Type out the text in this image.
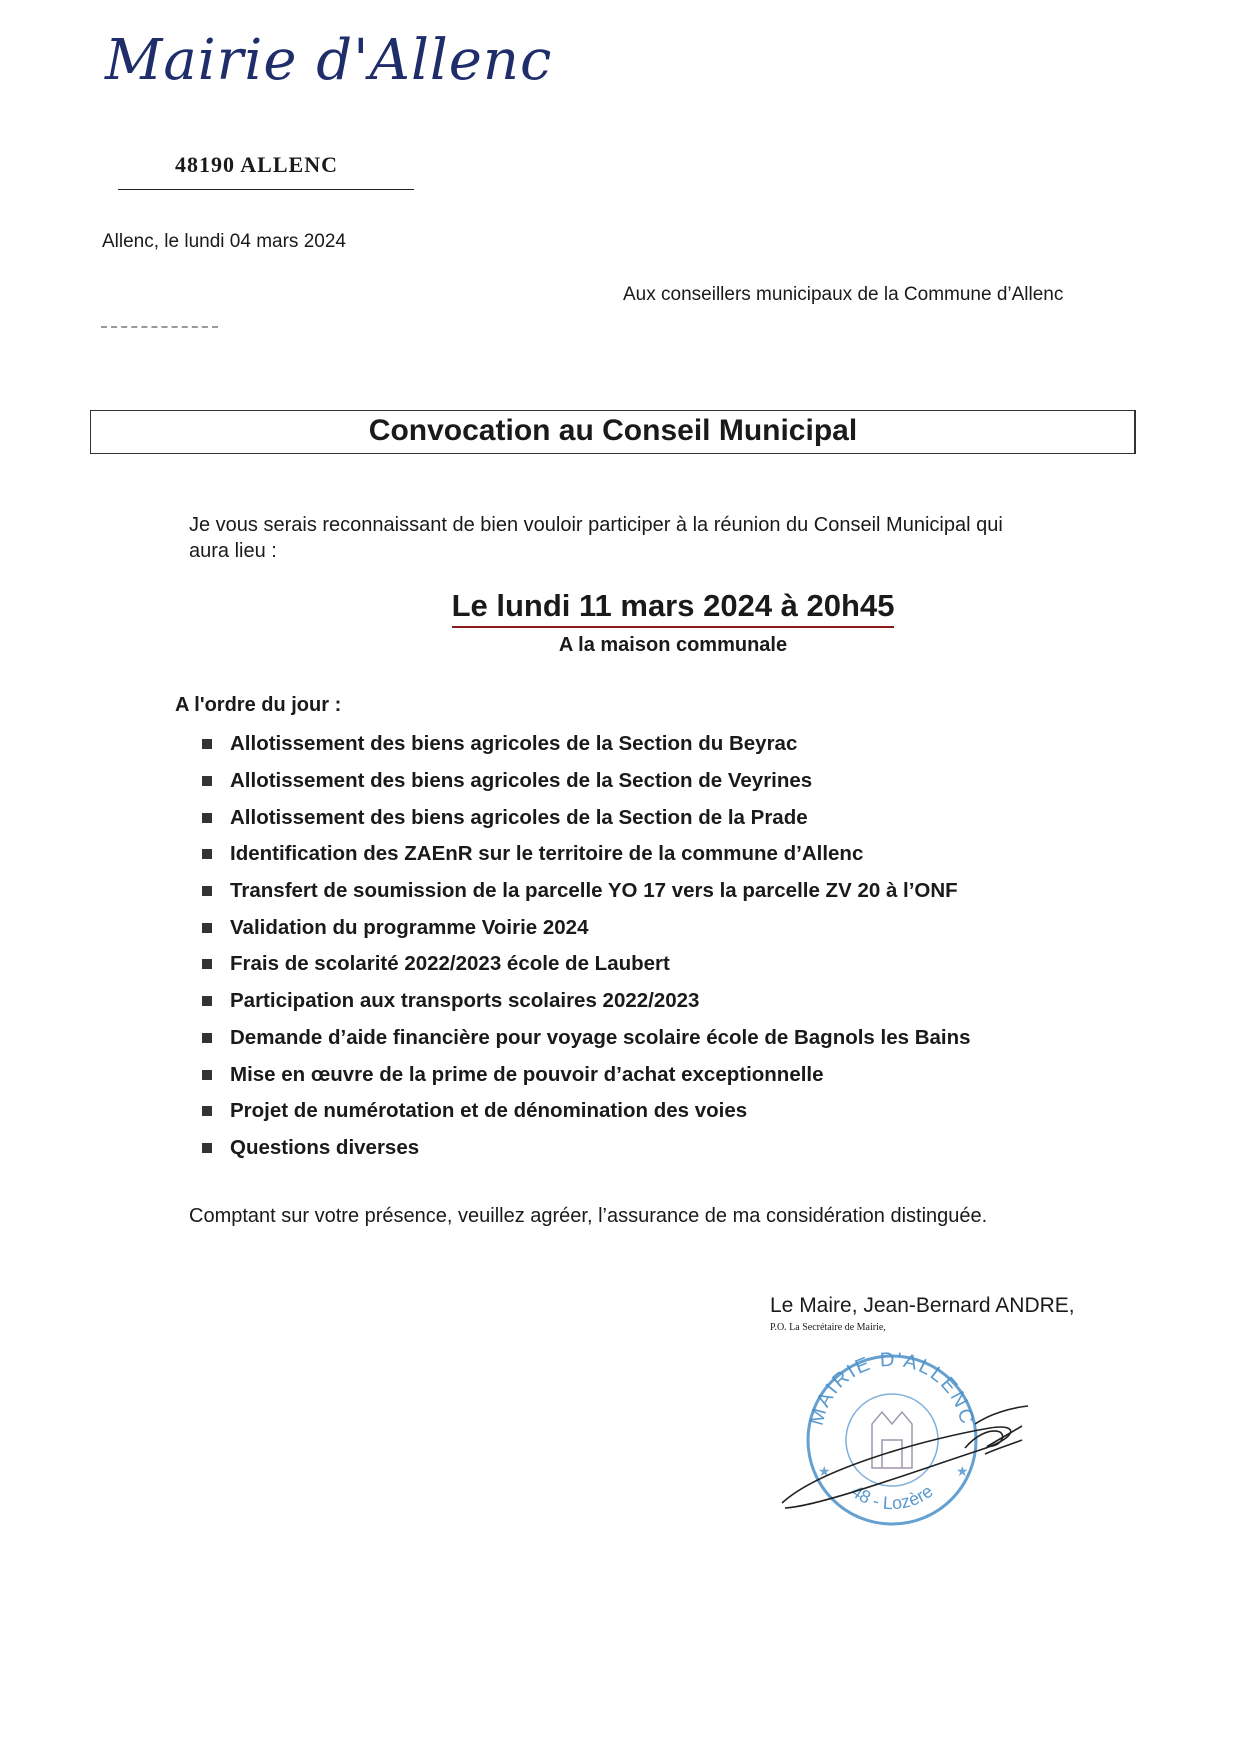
Mairie d'Allenc
48190 ALLENC
Allenc, le lundi 04 mars 2024
Aux conseillers municipaux de la Commune d’Allenc
Convocation au Conseil Municipal
Je vous serais reconnaissant de bien vouloir participer à la réunion du Conseil Municipal qui
aura lieu :
Le lundi 11 mars 2024 à 20h45
A la maison communale
A l'ordre du jour :
Allotissement des biens agricoles de la Section du Beyrac
Allotissement des biens agricoles de la Section de Veyrines
Allotissement des biens agricoles de la Section de la Prade
Identification des ZAEnR sur le territoire de la commune d’Allenc
Transfert de soumission de la parcelle YO 17 vers la parcelle ZV 20 à l’ONF
Validation du programme Voirie 2024
Frais de scolarité 2022/2023 école de Laubert
Participation aux transports scolaires 2022/2023
Demande d’aide financière pour voyage scolaire école de Bagnols les Bains
Mise en œuvre de la prime de pouvoir d’achat exceptionnelle
Projet de numérotation et de dénomination des voies
Questions diverses
Comptant sur votre présence, veuillez agréer, l’assurance de ma considération distinguée.
Le Maire, Jean-Bernard ANDRE,
P.O. La Secrétaire de Mairie,
MAIRIE D'ALLENC
48 - Lozère
★	★
